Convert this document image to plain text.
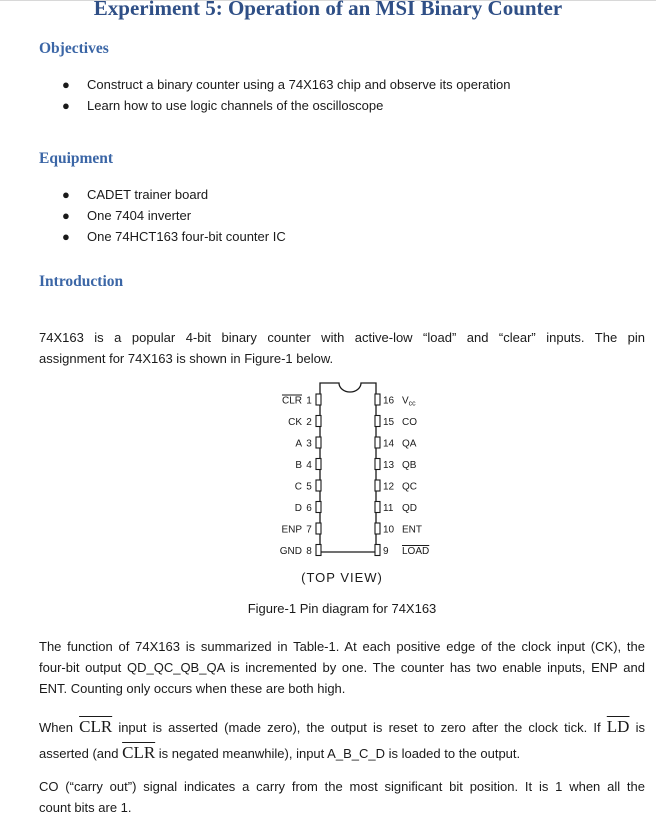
Experiment 5: Operation of an MSI Binary Counter
Objectives
● Construct a binary counter using a 74X163 chip and observe its operation
● Learn how to use logic channels of the oscilloscope
Equipment
● CADET trainer board
● One 7404 inverter
● One 74HCT163 four-bit counter IC
Introduction
74X163 is a popular 4-bit binary counter with active-low “load” and “clear” inputs. The pin
assignment for 74X163 is shown in Figure-1 below.
CLR 1
CK 2
A 3
B 4
C 5
D 6
ENP 7
GND 8
16 $V_{cc}$
15 CO
14 QA
13 QB
12 QC
11 QD
10 ENT
9 LOAD
(TOP VIEW)
Figure-1 Pin diagram for 74X163
The function of 74X163 is summarized in Table-1. At each positive edge of the clock input (CK), the
four-bit output QD_QC_QB_QA is incremented by one. The counter has two enable inputs, ENP and
ENT. Counting only occurs when these are both high.
When $\overline{CLR}$ input is asserted (made zero), the output is reset to zero after the clock tick. If $\overline{LD}$ is
asserted (and $\overline{CLR}$ is negated meanwhile), input A_B_C_D is loaded to the output.
CO (“carry out”) signal indicates a carry from the most significant bit position. It is 1 when all the
count bits are 1.
